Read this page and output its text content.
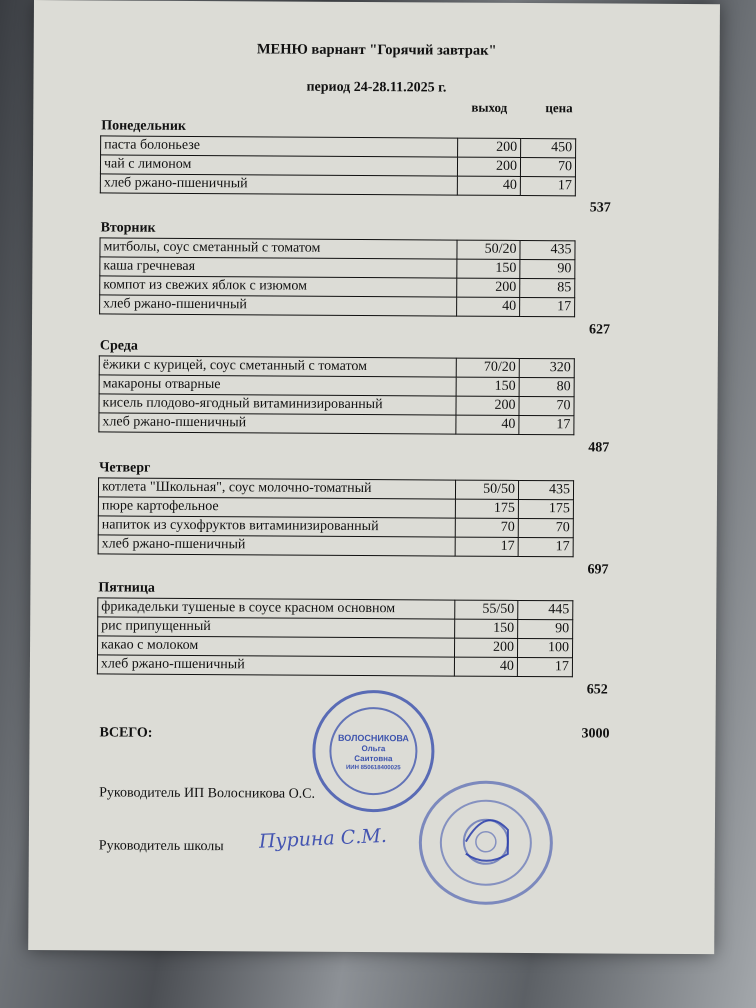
МЕНЮ варнант "Горячий завтрак"
период 24-28.11.2025 г.
выход	цена
Понедельник
паста болоньезе	200	450
чай с лимоном	200	70
хлеб ржано-пшеничный	40	17
537
Вторник
митболы, соус сметанный с томатом	50/20	435
каша гречневая	150	90
компот из свежих яблок с изюмом	200	85
хлеб ржано-пшеничный	40	17
627
Среда
ёжики с курицей, соус сметанный с томатом	70/20	320
макароны отварные	150	80
кисель плодово-ягодный витаминизированный	200	70
хлеб ржано-пшеничный	40	17
487
Четверг
котлета "Школьная", соус молочно-томатный	50/50	435
пюре картофельное	175	175
напиток из сухофруктов витаминизированный	70	70
хлеб ржано-пшеничный	17	17
697
Пятница
фрикадельки тушеные в соусе красном основном	55/50	445
рис припущенный	150	90
какао с молоком	200	100
хлеб ржано-пшеничный	40	17
652
ВСЕГО:	3000
Руководитель ИП Волосникова О.С.
Руководитель школы Пурина С.М.
ВОЛОСНИКОВА
Ольга
Саитовна
ИИН 850618400025
